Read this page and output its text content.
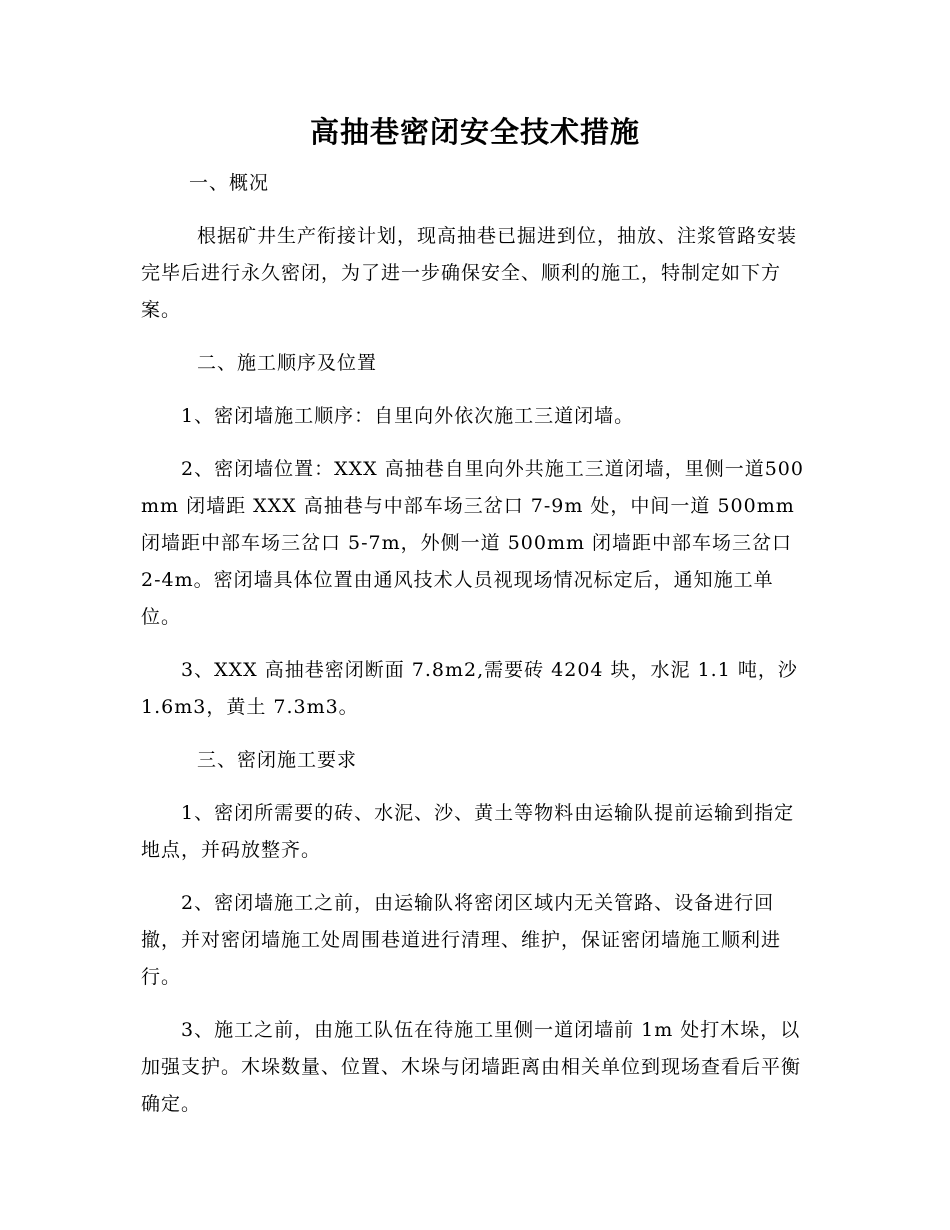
高抽巷密闭安全技术措施

一、概况

根据矿井生产衔接计划，现高抽巷已掘进到位，抽放、注浆管路安装完毕后进行永久密闭，为了进一步确保安全、顺利的施工，特制定如下方案。

二、施工顺序及位置

1、密闭墙施工顺序：自里向外依次施工三道闭墙。

2、密闭墙位置：XXX 高抽巷自里向外共施工三道闭墙，里侧一道500mm 闭墙距 XXX 高抽巷与中部车场三岔口 7-9m 处，中间一道 500mm闭墙距中部车场三岔口 5-7m，外侧一道 500mm 闭墙距中部车场三岔口2-4m。密闭墙具体位置由通风技术人员视现场情况标定后，通知施工单位。

3、XXX 高抽巷密闭断面 7.8m2,需要砖 4204 块，水泥 1.1 吨，沙1.6m3，黄土 7.3m3。

三、密闭施工要求

1、密闭所需要的砖、水泥、沙、黄土等物料由运输队提前运输到指定地点，并码放整齐。

2、密闭墙施工之前，由运输队将密闭区域内无关管路、设备进行回撤，并对密闭墙施工处周围巷道进行清理、维护，保证密闭墙施工顺利进行。

3、施工之前，由施工队伍在待施工里侧一道闭墙前 1m 处打木垛，以加强支护。木垛数量、位置、木垛与闭墙距离由相关单位到现场查看后平衡确定。
